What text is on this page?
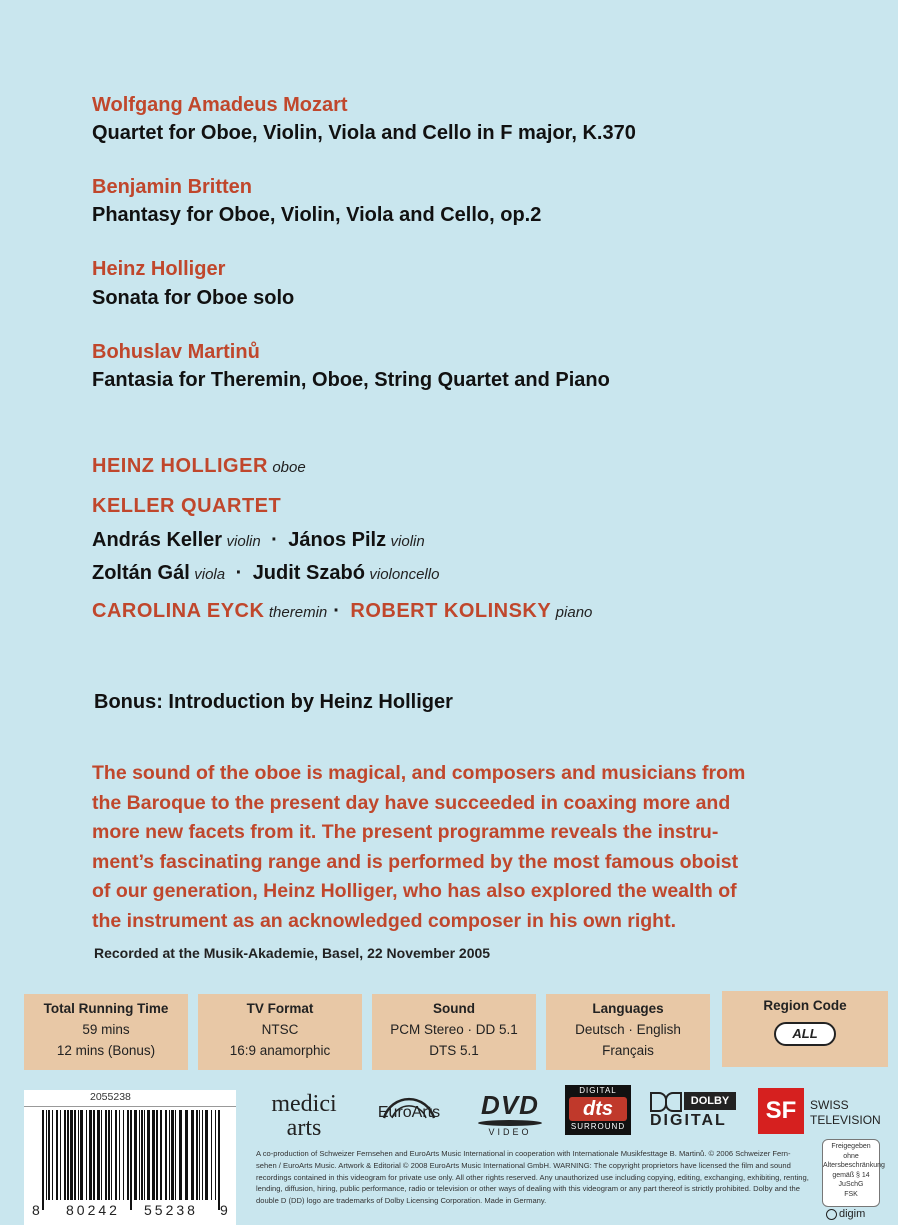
Wolfgang Amadeus Mozart
Quartet for Oboe, Violin, Viola and Cello in F major, K.370
Benjamin Britten
Phantasy for Oboe, Violin, Viola and Cello, op.2
Heinz Holliger
Sonata for Oboe solo
Bohuslav Martinů
Fantasia for Theremin, Oboe, String Quartet and Piano
HEINZ HOLLIGER oboe
KELLER QUARTET
András Keller violin · János Pilz violin
Zoltán Gál viola · Judit Szabó violoncello
CAROLINA EYCK theremin · ROBERT KOLINSKY piano
Bonus: Introduction by Heinz Holliger
The sound of the oboe is magical, and composers and musicians from
the Baroque to the present day have succeeded in coaxing more and
more new facets from it. The present programme reveals the instru-
ment’s fascinating range and is performed by the most famous oboist
of our generation, Heinz Holliger, who has also explored the wealth of
the instrument as an acknowledged composer in his own right.
Recorded at the Musik-Akademie, Basel, 22 November 2005
Total Running Time
59 mins
12 mins (Bonus)
TV Format
NTSC
16:9 anamorphic
Sound
PCM Stereo · DD 5.1
DTS 5.1
Languages
Deutsch · English
Français
Region Code
ALL
2055238
8 80242 55238 9
medici
arts
EuroArts	DVD
VIDEO
DIGITAL
dts
SURROUND
DOLBY
DIGITAL	SF	SWISS
TELEVISION
A co-production of Schweizer Fernsehen and EuroArts Music International in cooperation with Internationale Musikfesttage B. Martinů. © 2006 Schweizer Fern-
sehen / EuroArts Music. Artwork & Editorial © 2008 EuroArts Music International GmbH. WARNING: The copyright proprietors have licensed the film and sound
recordings contained in this videogram for private use only. All other rights reserved. Any unauthorized use including copying, editing, exchanging, exhibiting, renting,
lending, diffusion, hiring, public performance, radio or television or other ways of dealing with this videogram or any part thereof is strictly prohibited. Dolby and the
double D (DD) logo are trademarks of Dolby Licensing Corporation. Made in Germany.
Freigegeben
ohne
Altersbeschränkung
gemäß § 14
JuSchG
FSK
digim
